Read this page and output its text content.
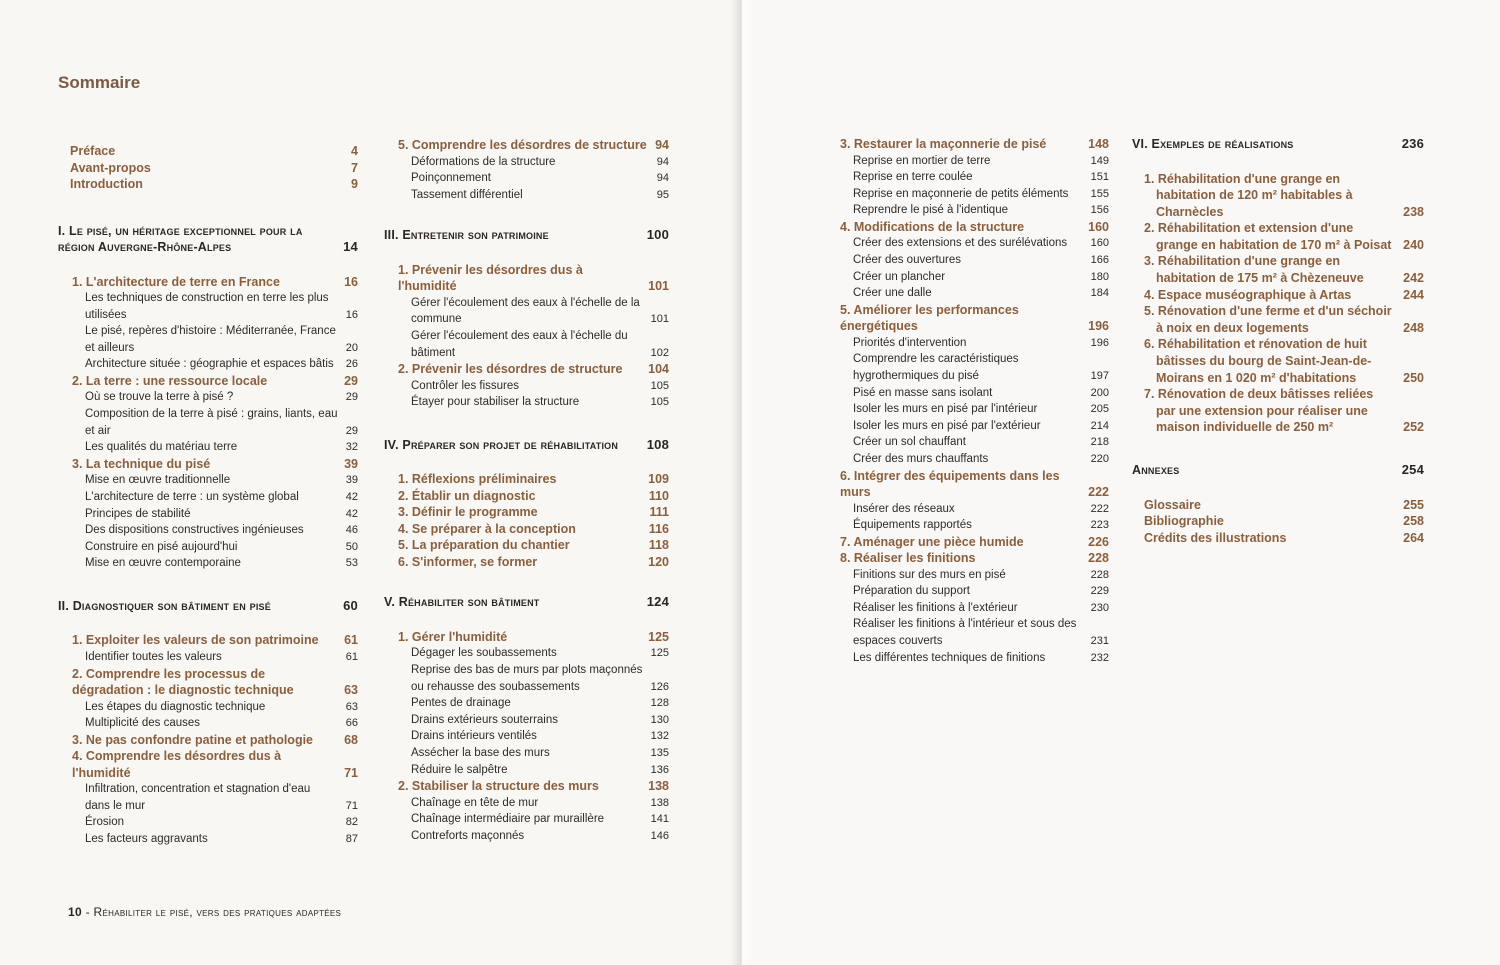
Sommaire
Préface	4
Avant-propos	7
Introduction	9
I. Le pisé, un héritage exceptionnel pour la région Auvergne-Rhône-Alpes	14
1. L'architecture de terre en France	16
Les techniques de construction en terre les plus utilisées	16
Le pisé, repères d'histoire : Méditerranée, France et ailleurs	20
Architecture située : géographie et espaces bâtis	26
2. La terre : une ressource locale	29
Où se trouve la terre à pisé ?	29
Composition de la terre à pisé : grains, liants, eau et air	29
Les qualités du matériau terre	32
3. La technique du pisé	39
Mise en œuvre traditionnelle	39
L'architecture de terre : un système global	42
Principes de stabilité	42
Des dispositions constructives ingénieuses	46
Construire en pisé aujourd'hui	50
Mise en œuvre contemporaine	53
II. Diagnostiquer son bâtiment en pisé	60
1. Exploiter les valeurs de son patrimoine	61
Identifier toutes les valeurs	61
2. Comprendre les processus de dégradation : le diagnostic technique	63
Les étapes du diagnostic technique	63
Multiplicité des causes	66
3. Ne pas confondre patine et pathologie	68
4. Comprendre les désordres dus à l'humidité	71
Infiltration, concentration et stagnation d'eau dans le mur	71
Érosion	82
Les facteurs aggravants	87
5. Comprendre les désordres de structure 94
Déformations de la structure	94
Poinçonnement	94
Tassement différentiel	95
III. Entretenir son patrimoine	100
1. Prévenir les désordres dus à l'humidité	101
Gérer l'écoulement des eaux à l'échelle de la commune	101
Gérer l'écoulement des eaux à l'échelle du bâtiment	102
2. Prévenir les désordres de structure	104
Contrôler les fissures	105
Étayer pour stabiliser la structure	105
IV. Préparer son projet de réhabilitation	108
1. Réflexions préliminaires	109
2. Établir un diagnostic	110
3. Définir le programme	111
4. Se préparer à la conception	116
5. La préparation du chantier	118
6. S'informer, se former	120
V. Réhabiliter son bâtiment	124
1. Gérer l'humidité	125
Dégager les soubassements	125
Reprise des bas de murs par plots maçonnés ou rehausse des soubassements	126
Pentes de drainage	128
Drains extérieurs souterrains	130
Drains intérieurs ventilés	132
Assécher la base des murs	135
Réduire le salpêtre	136
2. Stabiliser la structure des murs	138
Chaînage en tête de mur	138
Chaînage intermédiaire par muraillère	141
Contreforts maçonnés	146
3. Restaurer la maçonnerie de pisé	148
Reprise en mortier de terre	149
Reprise en terre coulée	151
Reprise en maçonnerie de petits éléments	155
Reprendre le pisé à l'identique	156
4. Modifications de la structure	160
Créer des extensions et des surélévations	160
Créer des ouvertures	166
Créer un plancher	180
Créer une dalle	184
5. Améliorer les performances énergétiques	196
Priorités d'intervention	196
Comprendre les caractéristiques hygrothermiques du pisé	197
Pisé en masse sans isolant	200
Isoler les murs en pisé par l'intérieur	205
Isoler les murs en pisé par l'extérieur	214
Créer un sol chauffant	218
Créer des murs chauffants	220
6. Intégrer des équipements dans les murs	222
Insérer des réseaux	222
Équipements rapportés	223
7. Aménager une pièce humide	226
8. Réaliser les finitions	228
Finitions sur des murs en pisé	228
Préparation du support	229
Réaliser les finitions à l'extérieur	230
Réaliser les finitions à l'intérieur et sous des espaces couverts	231
Les différentes techniques de finitions	232
VI. Exemples de réalisations	236
1. Réhabilitation d'une grange en habitation de 120 m² habitables à Charnècles	238
2. Réhabilitation et extension d'une grange en habitation de 170 m² à Poisat 240
3. Réhabilitation d'une grange en habitation de 175 m² à Chèzeneuve	242
4. Espace muséographique à Artas	244
5. Rénovation d'une ferme et d'un séchoir à noix en deux logements	248
6. Réhabilitation et rénovation de huit bâtisses du bourg de Saint-Jean-de-Moirans en 1 020 m² d'habitations	250
7. Rénovation de deux bâtisses reliées par une extension pour réaliser une maison individuelle de 250 m²	252
Annexes	254
Glossaire	255
Bibliographie	258
Crédits des illustrations	264

10 - Réhabiliter le pisé, vers des pratiques adaptées
